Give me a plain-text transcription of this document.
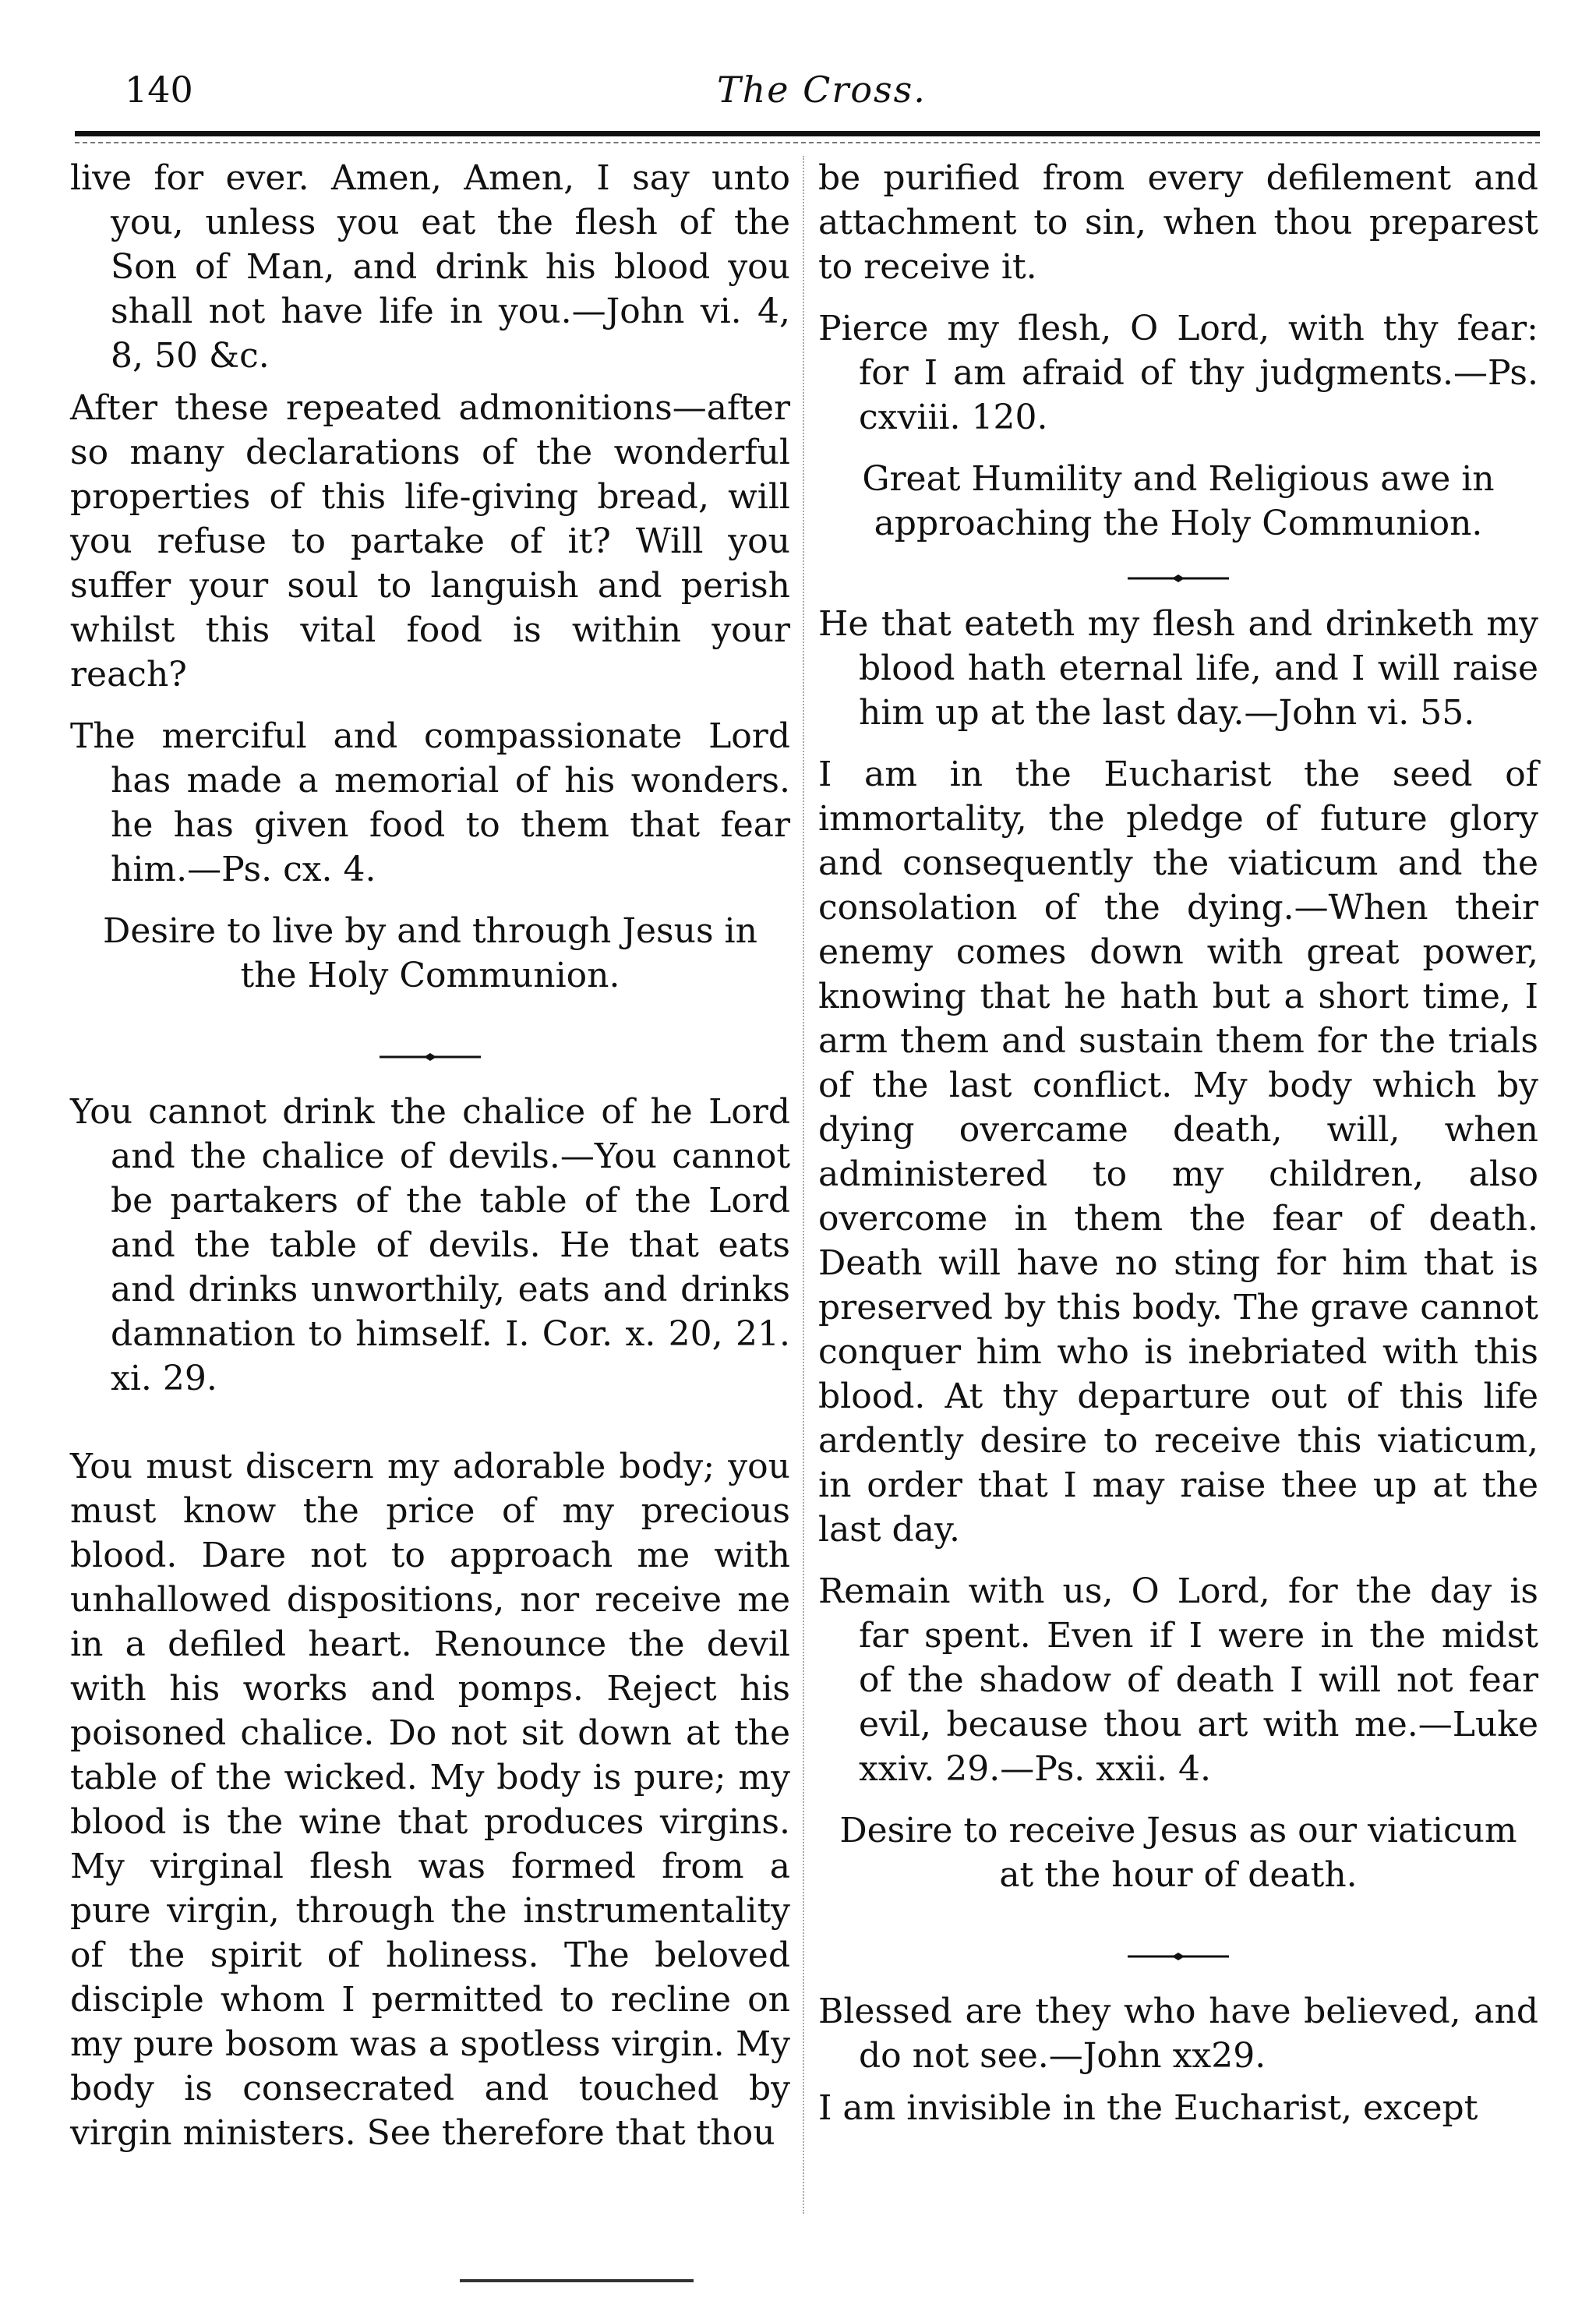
140	The Cross.

live for ever. Amen, Amen, I say unto you, unless you eat the flesh of the Son of Man, and drink his blood you shall not have life in you.—John vi. 4, 8, 50 &c.

After these repeated admonitions—after so many declarations of the wonderful properties of this life-giving bread, will you refuse to partake of it? Will you suffer your soul to languish and perish whilst this vital food is within your reach?

The merciful and compassionate Lord has made a memorial of his wonders. he has given food to them that fear him.—Ps. cx. 4.

Desire to live by and through Jesus in the Holy Communion.

You cannot drink the chalice of he Lord and the chalice of devils.—You cannot be partakers of the table of the Lord and the table of devils. He that eats and drinks unworthily, eats and drinks damnation to himself. I. Cor. x. 20, 21. xi. 29.

You must discern my adorable body; you must know the price of my precious blood. Dare not to approach me with unhallowed dispositions, nor receive me in a defiled heart. Renounce the devil with his works and pomps. Reject his poisoned chalice. Do not sit down at the table of the wicked. My body is pure; my blood is the wine that produces virgins. My virginal flesh was formed from a pure virgin, through the instrumentality of the spirit of holiness. The beloved disciple whom I permitted to recline on my pure bosom was a spotless virgin. My body is consecrated and touched by virgin ministers. See therefore that thou

be purified from every defilement and attachment to sin, when thou preparest to receive it.

Pierce my flesh, O Lord, with thy fear: for I am afraid of thy judgments.—Ps. cxviii. 120.

Great Humility and Religious awe in approaching the Holy Communion.

He that eateth my flesh and drinketh my blood hath eternal life, and I will raise him up at the last day.—John vi. 55.

I am in the Eucharist the seed of immortality, the pledge of future glory and consequently the viaticum and the consolation of the dying.—When their enemy comes down with great power, knowing that he hath but a short time, I arm them and sustain them for the trials of the last conflict. My body which by dying overcame death, will, when administered to my children, also overcome in them the fear of death. Death will have no sting for him that is preserved by this body. The grave cannot conquer him who is inebriated with this blood. At thy departure out of this life ardently desire to receive this viaticum, in order that I may raise thee up at the last day.

Remain with us, O Lord, for the day is far spent. Even if I were in the midst of the shadow of death I will not fear evil, because thou art with me.—Luke xxiv. 29.—Ps. xxii. 4.

Desire to receive Jesus as our viaticum at the hour of death.

Blessed are they who have believed, and do not see.—John xx29.

I am invisible in the Eucharist, except
